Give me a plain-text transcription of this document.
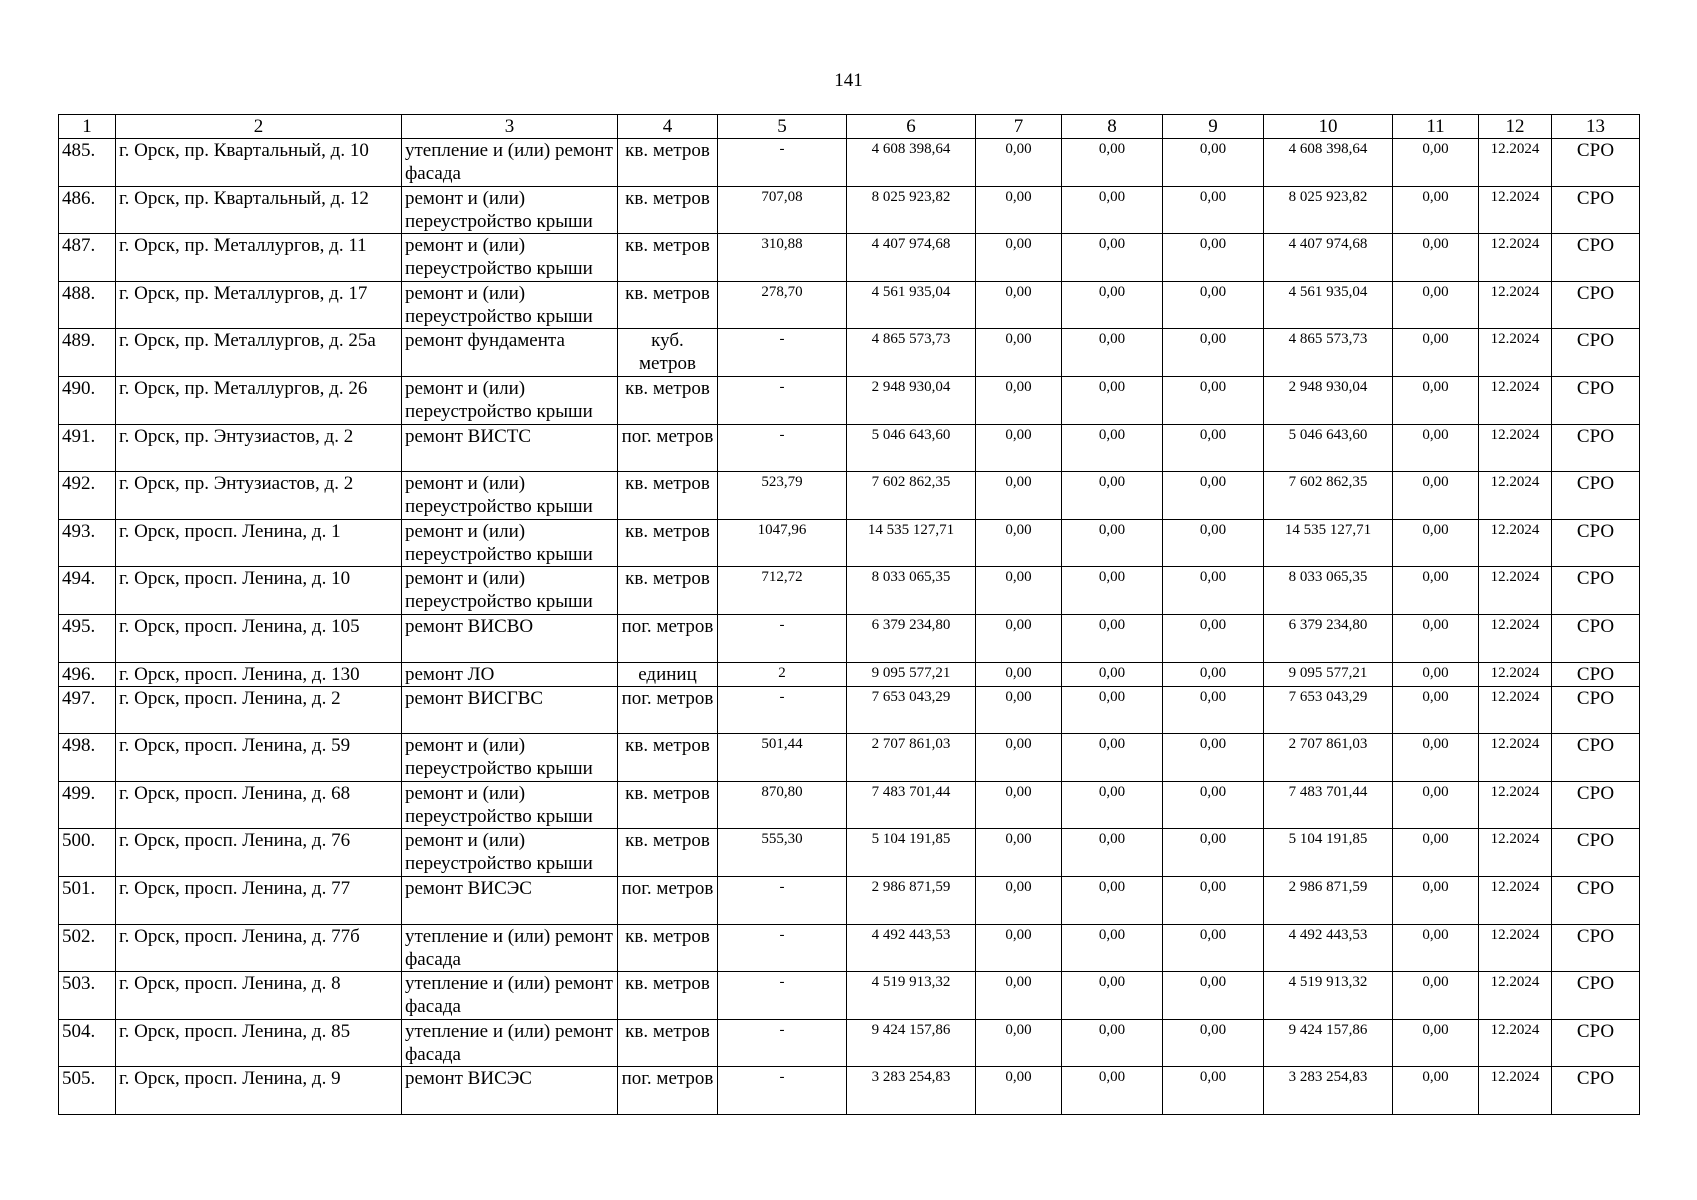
141
1	2	3	4	5	6	7	8	9	10	11	12	13
485.	г. Орск, пр. Квартальный, д. 10	утепление и (или) ремонт фасада	кв. метров	-	4 608 398,64	0,00	0,00	0,00	4 608 398,64	0,00	12.2024	СРО
486.	г. Орск, пр. Квартальный, д. 12	ремонт и (или) переустройство крыши	кв. метров	707,08	8 025 923,82	0,00	0,00	0,00	8 025 923,82	0,00	12.2024	СРО
487.	г. Орск, пр. Металлургов, д. 11	ремонт и (или) переустройство крыши	кв. метров	310,88	4 407 974,68	0,00	0,00	0,00	4 407 974,68	0,00	12.2024	СРО
488.	г. Орск, пр. Металлургов, д. 17	ремонт и (или) переустройство крыши	кв. метров	278,70	4 561 935,04	0,00	0,00	0,00	4 561 935,04	0,00	12.2024	СРО
489.	г. Орск, пр. Металлургов, д. 25а	ремонт фундамента	куб. метров	-	4 865 573,73	0,00	0,00	0,00	4 865 573,73	0,00	12.2024	СРО
490.	г. Орск, пр. Металлургов, д. 26	ремонт и (или) переустройство крыши	кв. метров	-	2 948 930,04	0,00	0,00	0,00	2 948 930,04	0,00	12.2024	СРО
491.	г. Орск, пр. Энтузиастов, д. 2	ремонт ВИСТС	пог. метров	-	5 046 643,60	0,00	0,00	0,00	5 046 643,60	0,00	12.2024	СРО
492.	г. Орск, пр. Энтузиастов, д. 2	ремонт и (или) переустройство крыши	кв. метров	523,79	7 602 862,35	0,00	0,00	0,00	7 602 862,35	0,00	12.2024	СРО
493.	г. Орск, просп. Ленина, д. 1	ремонт и (или) переустройство крыши	кв. метров	1047,96	14 535 127,71	0,00	0,00	0,00	14 535 127,71	0,00	12.2024	СРО
494.	г. Орск, просп. Ленина, д. 10	ремонт и (или) переустройство крыши	кв. метров	712,72	8 033 065,35	0,00	0,00	0,00	8 033 065,35	0,00	12.2024	СРО
495.	г. Орск, просп. Ленина, д. 105	ремонт ВИСВО	пог. метров	-	6 379 234,80	0,00	0,00	0,00	6 379 234,80	0,00	12.2024	СРО
496.	г. Орск, просп. Ленина, д. 130	ремонт ЛО	единиц	2	9 095 577,21	0,00	0,00	0,00	9 095 577,21	0,00	12.2024	СРО
497.	г. Орск, просп. Ленина, д. 2	ремонт ВИСГВС	пог. метров	-	7 653 043,29	0,00	0,00	0,00	7 653 043,29	0,00	12.2024	СРО
498.	г. Орск, просп. Ленина, д. 59	ремонт и (или) переустройство крыши	кв. метров	501,44	2 707 861,03	0,00	0,00	0,00	2 707 861,03	0,00	12.2024	СРО
499.	г. Орск, просп. Ленина, д. 68	ремонт и (или) переустройство крыши	кв. метров	870,80	7 483 701,44	0,00	0,00	0,00	7 483 701,44	0,00	12.2024	СРО
500.	г. Орск, просп. Ленина, д. 76	ремонт и (или) переустройство крыши	кв. метров	555,30	5 104 191,85	0,00	0,00	0,00	5 104 191,85	0,00	12.2024	СРО
501.	г. Орск, просп. Ленина, д. 77	ремонт ВИСЭС	пог. метров	-	2 986 871,59	0,00	0,00	0,00	2 986 871,59	0,00	12.2024	СРО
502.	г. Орск, просп. Ленина, д. 77б	утепление и (или) ремонт фасада	кв. метров	-	4 492 443,53	0,00	0,00	0,00	4 492 443,53	0,00	12.2024	СРО
503.	г. Орск, просп. Ленина, д. 8	утепление и (или) ремонт фасада	кв. метров	-	4 519 913,32	0,00	0,00	0,00	4 519 913,32	0,00	12.2024	СРО
504.	г. Орск, просп. Ленина, д. 85	утепление и (или) ремонт фасада	кв. метров	-	9 424 157,86	0,00	0,00	0,00	9 424 157,86	0,00	12.2024	СРО
505.	г. Орск, просп. Ленина, д. 9	ремонт ВИСЭС	пог. метров	-	3 283 254,83	0,00	0,00	0,00	3 283 254,83	0,00	12.2024	СРО
